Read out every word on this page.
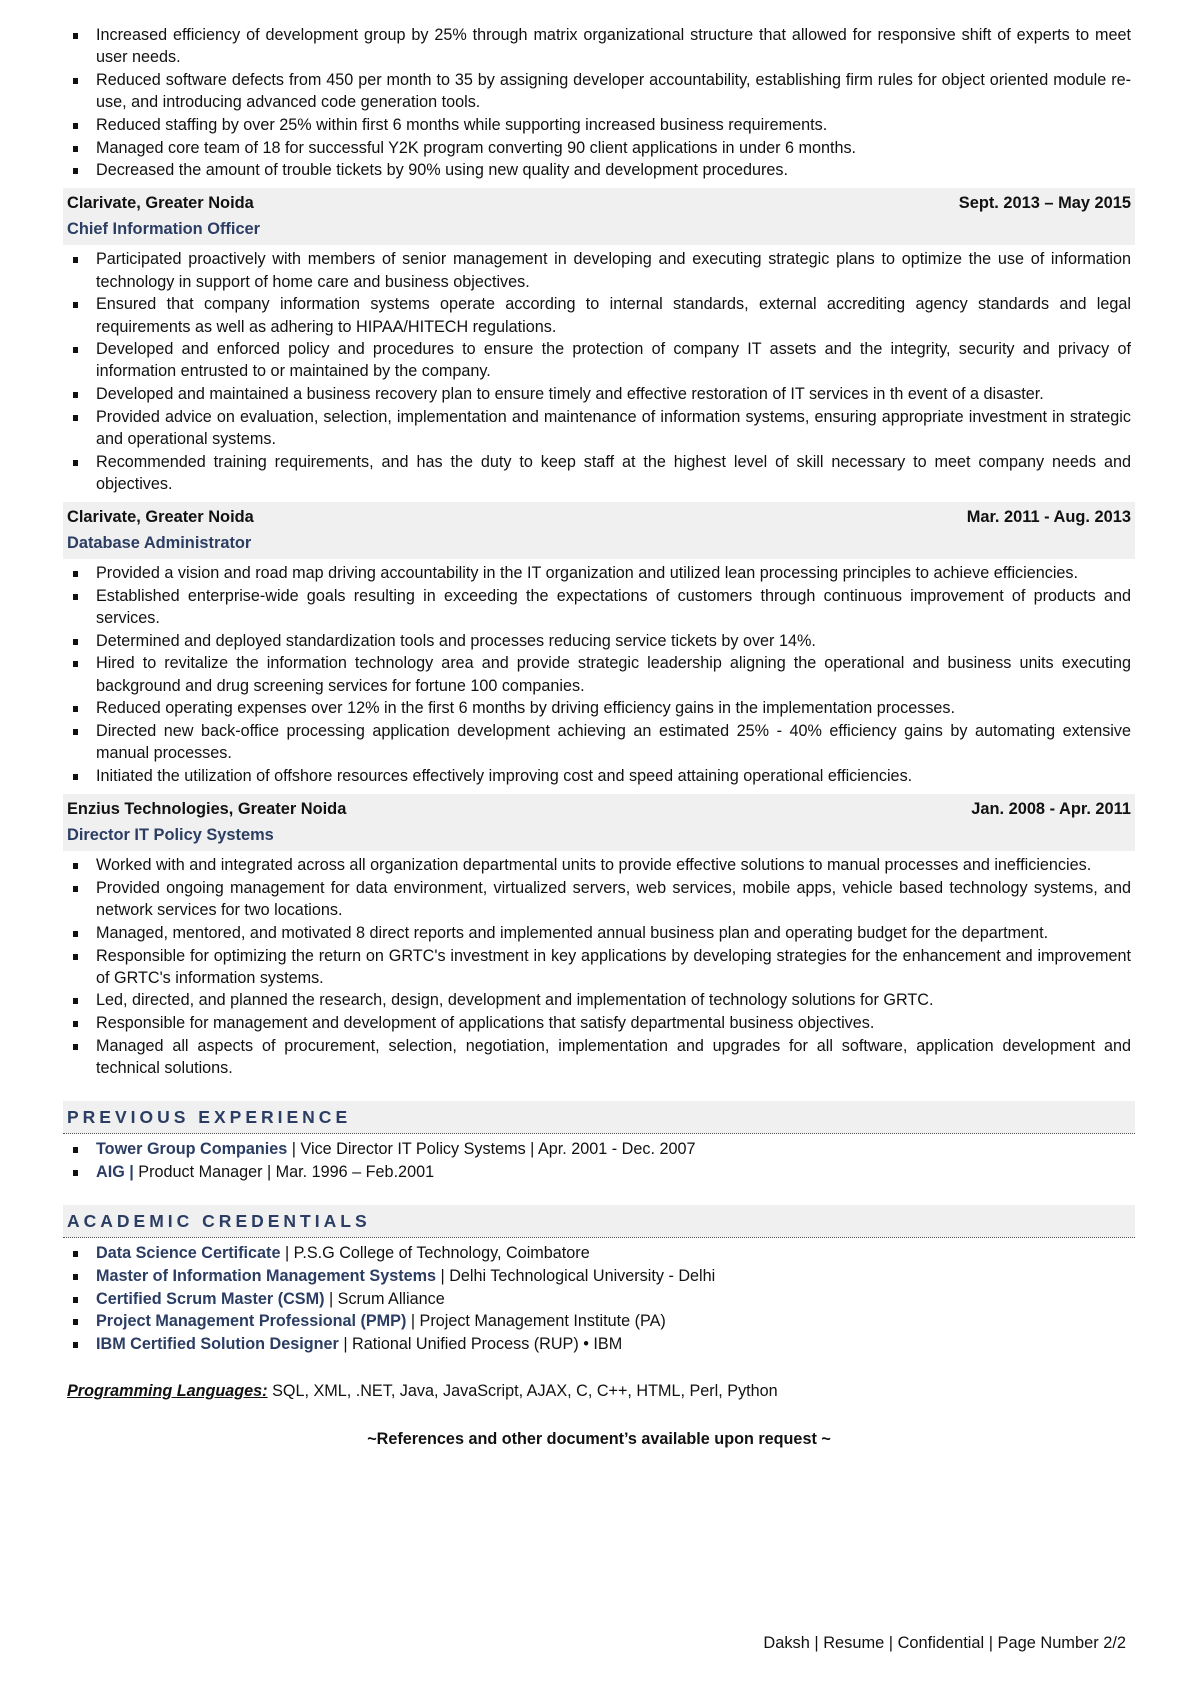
Increased efficiency of development group by 25% through matrix organizational structure that allowed for responsive shift of experts to meet user needs.
Reduced software defects from 450 per month to 35 by assigning developer accountability, establishing firm rules for object oriented module re-use, and introducing advanced code generation tools.
Reduced staffing by over 25% within first 6 months while supporting increased business requirements.
Managed core team of 18 for successful Y2K program converting 90 client applications in under 6 months.
Decreased the amount of trouble tickets by 90% using new quality and development procedures.
Clarivate, Greater Noida	Sept. 2013 – May 2015
Chief Information Officer
Participated proactively with members of senior management in developing and executing strategic plans to optimize the use of information technology in support of home care and business objectives.
Ensured that company information systems operate according to internal standards, external accrediting agency standards and legal requirements as well as adhering to HIPAA/HITECH regulations.
Developed and enforced policy and procedures to ensure the protection of company IT assets and the integrity, security and privacy of information entrusted to or maintained by the company.
Developed and maintained a business recovery plan to ensure timely and effective restoration of IT services in th event of a disaster.
Provided advice on evaluation, selection, implementation and maintenance of information systems, ensuring appropriate investment in strategic and operational systems.
Recommended training requirements, and has the duty to keep staff at the highest level of skill necessary to meet company needs and objectives.
Clarivate, Greater Noida	Mar. 2011 - Aug. 2013
Database Administrator
Provided a vision and road map driving accountability in the IT organization and utilized lean processing principles to achieve efficiencies.
Established enterprise-wide goals resulting in exceeding the expectations of customers through continuous improvement of products and services.
Determined and deployed standardization tools and processes reducing service tickets by over 14%.
Hired to revitalize the information technology area and provide strategic leadership aligning the operational and business units executing background and drug screening services for fortune 100 companies.
Reduced operating expenses over 12% in the first 6 months by driving efficiency gains in the implementation processes.
Directed new back-office processing application development achieving an estimated 25% - 40% efficiency gains by automating extensive manual processes.
Initiated the utilization of offshore resources effectively improving cost and speed attaining operational efficiencies.
Enzius Technologies, Greater Noida	Jan. 2008 - Apr. 2011
Director IT Policy Systems
Worked with and integrated across all organization departmental units to provide effective solutions to manual processes and inefficiencies.
Provided ongoing management for data environment, virtualized servers, web services, mobile apps, vehicle based technology systems, and network services for two locations.
Managed, mentored, and motivated 8 direct reports and implemented annual business plan and operating budget for the department.
Responsible for optimizing the return on GRTC's investment in key applications by developing strategies for the enhancement and improvement of GRTC's information systems.
Led, directed, and planned the research, design, development and implementation of technology solutions for GRTC.
Responsible for management and development of applications that satisfy departmental business objectives.
Managed all aspects of procurement, selection, negotiation, implementation and upgrades for all software, application development and technical solutions.
PREVIOUS EXPERIENCE
Tower Group Companies | Vice Director IT Policy Systems | Apr. 2001 - Dec. 2007
AIG | Product Manager | Mar. 1996 – Feb.2001
ACADEMIC CREDENTIALS
Data Science Certificate | P.S.G College of Technology, Coimbatore
Master of Information Management Systems | Delhi Technological University - Delhi
Certified Scrum Master (CSM) | Scrum Alliance
Project Management Professional (PMP) | Project Management Institute (PA)
IBM Certified Solution Designer | Rational Unified Process (RUP) • IBM
Programming Languages: SQL, XML, .NET, Java, JavaScript, AJAX, C, C++, HTML, Perl, Python
~References and other document’s available upon request ~
Daksh | Resume | Confidential | Page Number 2/2
